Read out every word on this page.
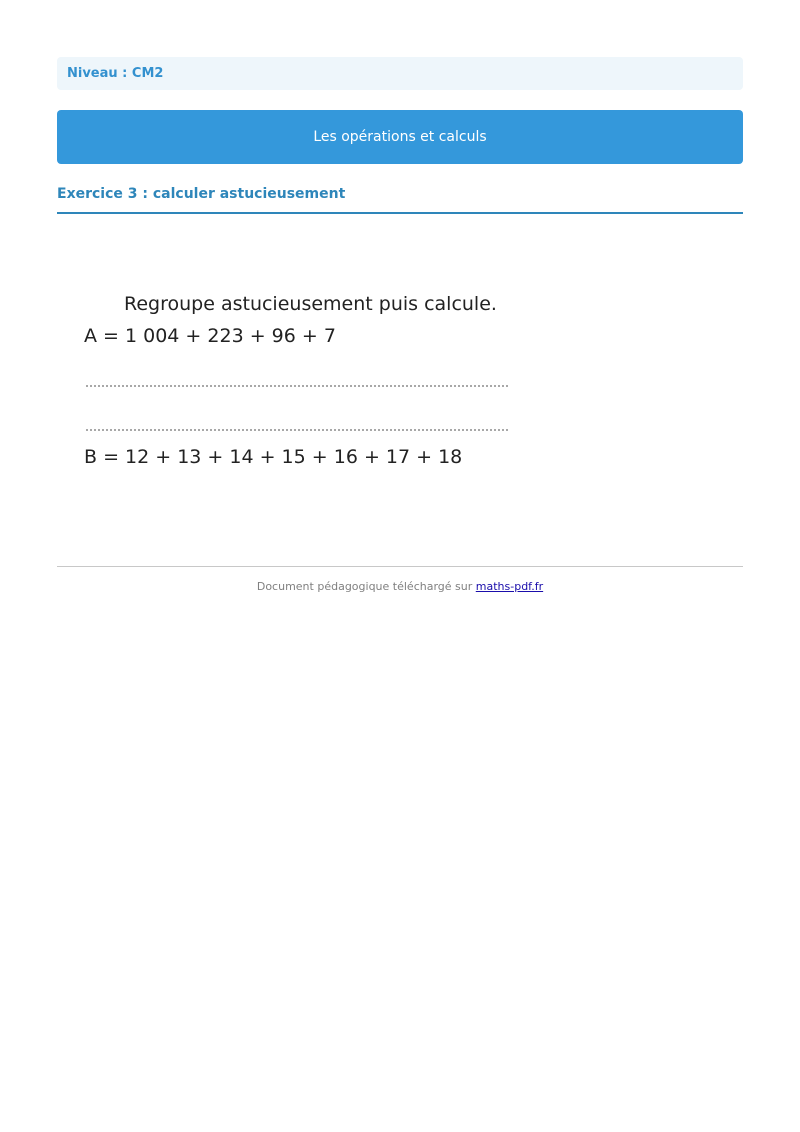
Niveau : CM2
Les opérations et calculs
Exercice 3 : calculer astucieusement
Regroupe astucieusement puis calcule.
A = 1 004 + 223 + 96 + 7
B = 12 + 13 + 14 + 15 + 16 + 17 + 18
Document pédagogique téléchargé sur maths-pdf.fr
